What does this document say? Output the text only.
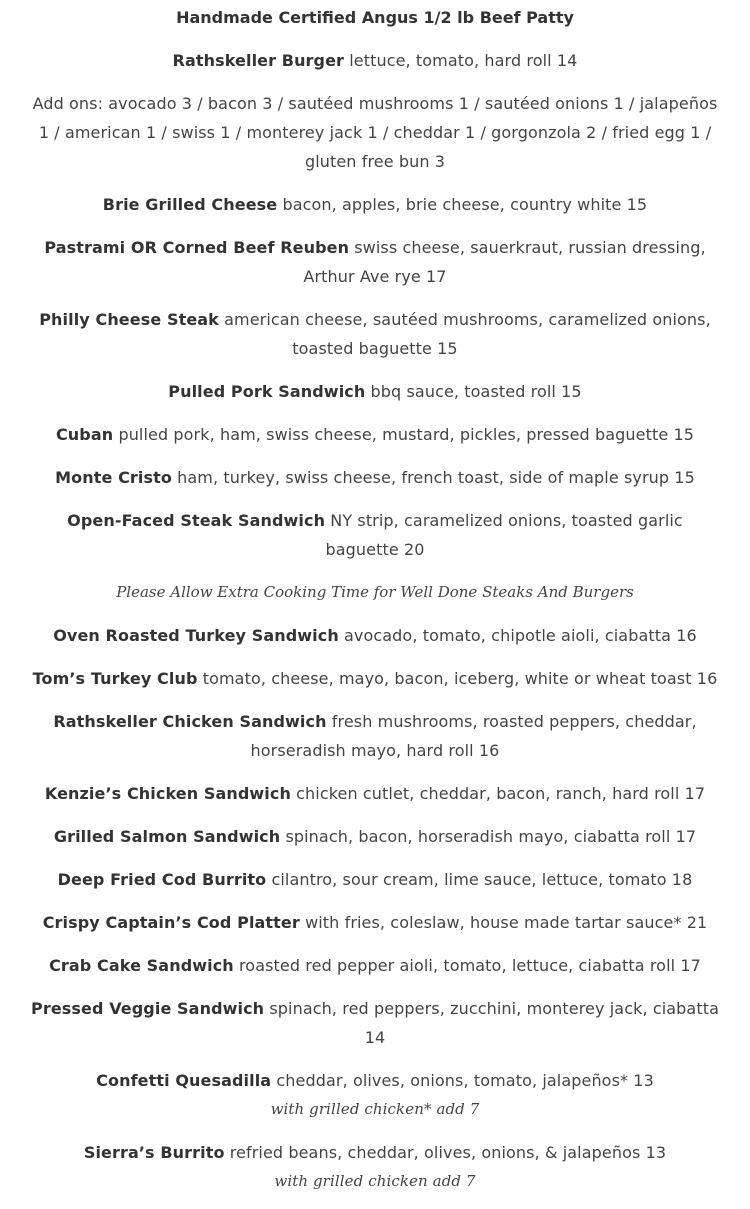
Handmade Certified Angus 1/2 lb Beef Patty
Rathskeller Burger lettuce, tomato, hard roll 14
Add ons: avocado 3 / bacon 3 / sautéed mushrooms 1 / sautéed onions 1 / jalapeños 1 / american 1 / swiss 1 / monterey jack 1 / cheddar 1 / gorgonzola 2 / fried egg 1 / gluten free bun 3
Brie Grilled Cheese bacon, apples, brie cheese, country white 15
Pastrami OR Corned Beef Reuben swiss cheese, sauerkraut, russian dressing, Arthur Ave rye 17
Philly Cheese Steak american cheese, sautéed mushrooms, caramelized onions, toasted baguette 15
Pulled Pork Sandwich bbq sauce, toasted roll 15
Cuban pulled pork, ham, swiss cheese, mustard, pickles, pressed baguette 15
Monte Cristo ham, turkey, swiss cheese, french toast, side of maple syrup 15
Open-Faced Steak Sandwich NY strip, caramelized onions, toasted garlic baguette 20
Please Allow Extra Cooking Time for Well Done Steaks And Burgers
Oven Roasted Turkey Sandwich avocado, tomato, chipotle aioli, ciabatta 16
Tom’s Turkey Club tomato, cheese, mayo, bacon, iceberg, white or wheat toast 16
Rathskeller Chicken Sandwich fresh mushrooms, roasted peppers, cheddar, horseradish mayo, hard roll 16
Kenzie’s Chicken Sandwich chicken cutlet, cheddar, bacon, ranch, hard roll 17
Grilled Salmon Sandwich spinach, bacon, horseradish mayo, ciabatta roll 17
Deep Fried Cod Burrito cilantro, sour cream, lime sauce, lettuce, tomato 18
Crispy Captain’s Cod Platter with fries, coleslaw, house made tartar sauce* 21
Crab Cake Sandwich roasted red pepper aioli, tomato, lettuce, ciabatta roll 17
Pressed Veggie Sandwich spinach, red peppers, zucchini, monterey jack, ciabatta 14
Confetti Quesadilla cheddar, olives, onions, tomato, jalapeños* 13
with grilled chicken* add 7
Sierra’s Burrito refried beans, cheddar, olives, onions, & jalapeños 13
with grilled chicken add 7
